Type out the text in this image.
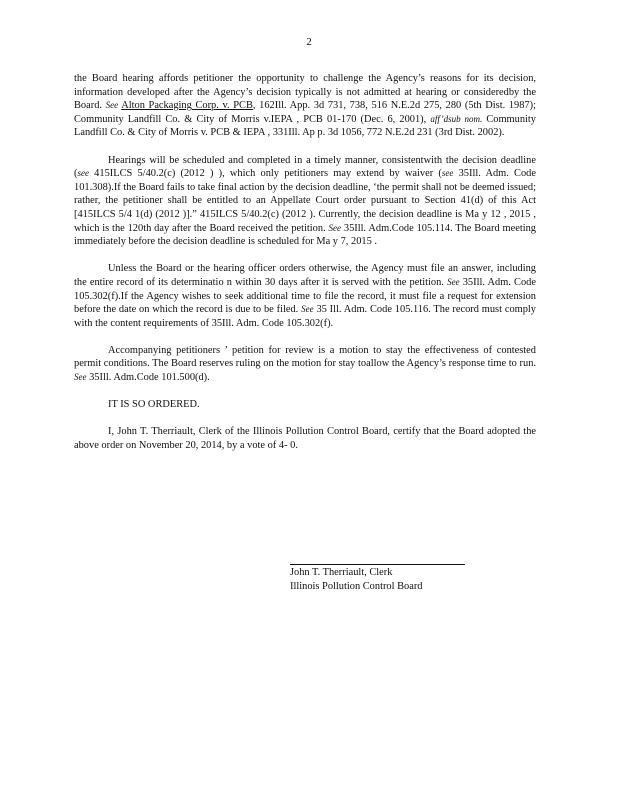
2

the Board hearing affords petitioner the opportunity to challenge the Agency’s reasons for its decision, information developed after the Agency’s decision typically is not admitted at hearing or consideredby the Board. See Alton Packaging Corp. v. PCB, 162Ill. App. 3d 731, 738, 516 N.E.2d 275, 280 (5th Dist. 1987); Community Landfill Co. & City of Morris v.IEPA , PCB 01-170 (Dec. 6, 2001), aff’dsub nom. Community Landfill Co. & City of Morris v. PCB & IEPA , 331Ill. Ap p. 3d 1056, 772 N.E.2d 231 (3rd Dist. 2002).

Hearings will be scheduled and completed in a timely manner, consistentwith the decision deadline (see 415ILCS 5/40.2(c) (2012 ) ), which only petitioners may extend by waiver (see 35Ill. Adm. Code 101.308).If the Board fails to take final action by the decision deadline, ‘the permit shall not be deemed issued; rather, the petitioner shall be entitled to an Appellate Court order pursuant to Section 41(d) of this Act [415ILCS 5/4 1(d) (2012 )].” 415ILCS 5/40.2(c) (2012 ). Currently, the decision deadline is Ma y 12 , 2015 , which is the 120th day after the Board received the petition. See 35Ill. Adm.Code 105.114. The Board meeting immediately before the decision deadline is scheduled for Ma y 7, 2015 .

Unless the Board or the hearing officer orders otherwise, the Agency must file an answer, including the entire record of its determinatio n within 30 days after it is served with the petition. See 35Ill. Adm. Code 105.302(f).If the Agency wishes to seek additional time to file the record, it must file a request for extension before the date on which the record is due to be filed. See 35 Ill. Adm. Code 105.116. The record must comply with the content requirements of 35Ill. Adm. Code 105.302(f).

Accompanying petitioners ’ petition for review is a motion to stay the effectiveness of contested permit conditions. The Board reserves ruling on the motion for stay toallow the Agency’s response time to run. See 35Ill. Adm.Code 101.500(d).

IT IS SO ORDERED.

I, John T. Therriault, Clerk of the Illinois Pollution Control Board, certify that the Board adopted the above order on November 20, 2014, by a vote of 4- 0.

John T. Therriault, Clerk
Illinois Pollution Control Board
